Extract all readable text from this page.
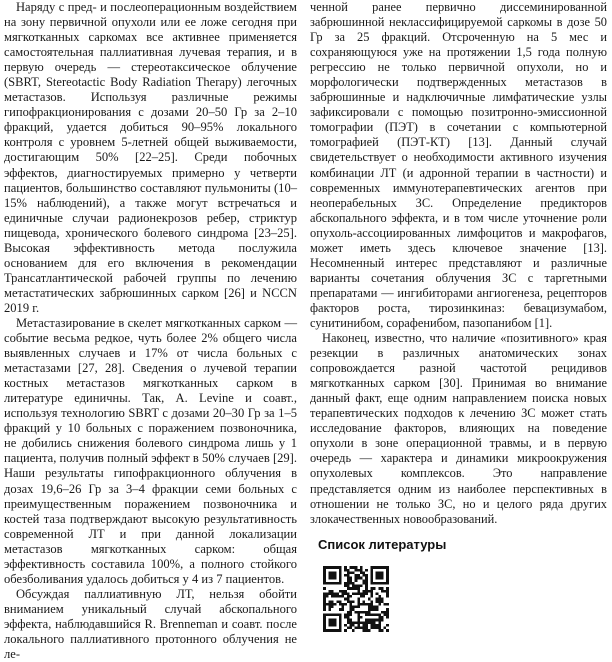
Наряду с пред- и послеоперационным воздействием на зону первичной опухоли или ее ложе сегодня при мягкотканных саркомах все активнее применяется самостоятельная паллиативная лучевая терапия, и в первую очередь — стереотаксическое облучение (SBRT, Stereotactic Body Radiation Therapy) легочных метастазов. Используя различные режимы гипофракционирования с дозами 20–50 Гр за 2–10 фракций, удается добиться 90–95% локального контроля с уровнем 5-летней общей выживаемости, достигающим 50% [22–25]. Среди побочных эффектов, диагностируемых примерно у четверти пациентов, большинство составляют пульмониты (10–15% наблюдений), а также могут встречаться и единичные случаи радионекрозов ребер, стриктур пищевода, хронического болевого синдрома [23–25]. Высокая эффективность метода послужила основанием для его включения в рекомендации Трансатлантической рабочей группы по лечению метастатических забрюшинных сарком [26] и NCCN 2019 г.

Метастазирование в скелет мягкотканных сарком — событие весьма редкое, чуть более 2% общего числа выявленных случаев и 17% от числа больных с метастазами [27, 28]. Сведения о лучевой терапии костных метастазов мягкотканных сарком в литературе единичны. Так, A. Levine и соавт., используя технологию SBRT с дозами 20–30 Гр за 1–5 фракций у 10 больных с поражением позвоночника, не добились снижения болевого синдрома лишь у 1 пациента, получив полный эффект в 50% случаев [29]. Наши результаты гипофракционного облучения в дозах 19,6–26 Гр за 3–4 фракции семи больных с преимущественным поражением позвоночника и костей таза подтверждают высокую результативность современной ЛТ и при данной локализации метастазов мягкотканных сарком: общая эффективность составила 100%, а полного стойкого обезболивания удалось добиться у 4 из 7 пациентов.

Обсуждая паллиативную ЛТ, нельзя обойти вниманием уникальный случай абскопального эффекта, наблюдавшийся R. Brenneman и соавт. после локального паллиативного протонного облучения не ле-

ченной ранее первично диссеминированной забрюшинной неклассифицируемой саркомы в дозе 50 Гр за 25 фракций. Отсроченную на 5 мес и сохраняющуюся уже на протяжении 1,5 года полную регрессию не только первичной опухоли, но и морфологически подтвержденных метастазов в забрюшинные и надключичные лимфатические узлы зафиксировали с помощью позитронно-эмиссионной томографии (ПЭТ) в сочетании с компьютерной томографией (ПЭТ-КТ) [13]. Данный случай свидетельствует о необходимости активного изучения комбинации ЛТ (и адронной терапии в частности) и современных иммунотерапевтических агентов при неоперабельных ЗС. Определение предикторов абскопального эффекта, и в том числе уточнение роли опухоль-ассоциированных лимфоцитов и макрофагов, может иметь здесь ключевое значение [13]. Несомненный интерес представляют и различные варианты сочетания облучения ЗС с таргетными препаратами — ингибиторами ангиогенеза, рецепторов факторов роста, тирозинкиназ: бевацизумабом, сунитинибом, сорафенибом, пазопанибом [1].

Наконец, известно, что наличие «позитивного» края резекции в различных анатомических зонах сопровождается разной частотой рецидивов мягкотканных сарком [30]. Принимая во внимание данный факт, еще одним направлением поиска новых терапевтических подходов к лечению ЗС может стать исследование факторов, влияющих на поведение опухоли в зоне операционной травмы, и в первую очередь — характера и динамики микроокружения опухолевых комплексов. Это направление представляется одним из наиболее перспективных в отношении не только ЗС, но и целого ряда других злокачественных новообразований.

Список литературы
